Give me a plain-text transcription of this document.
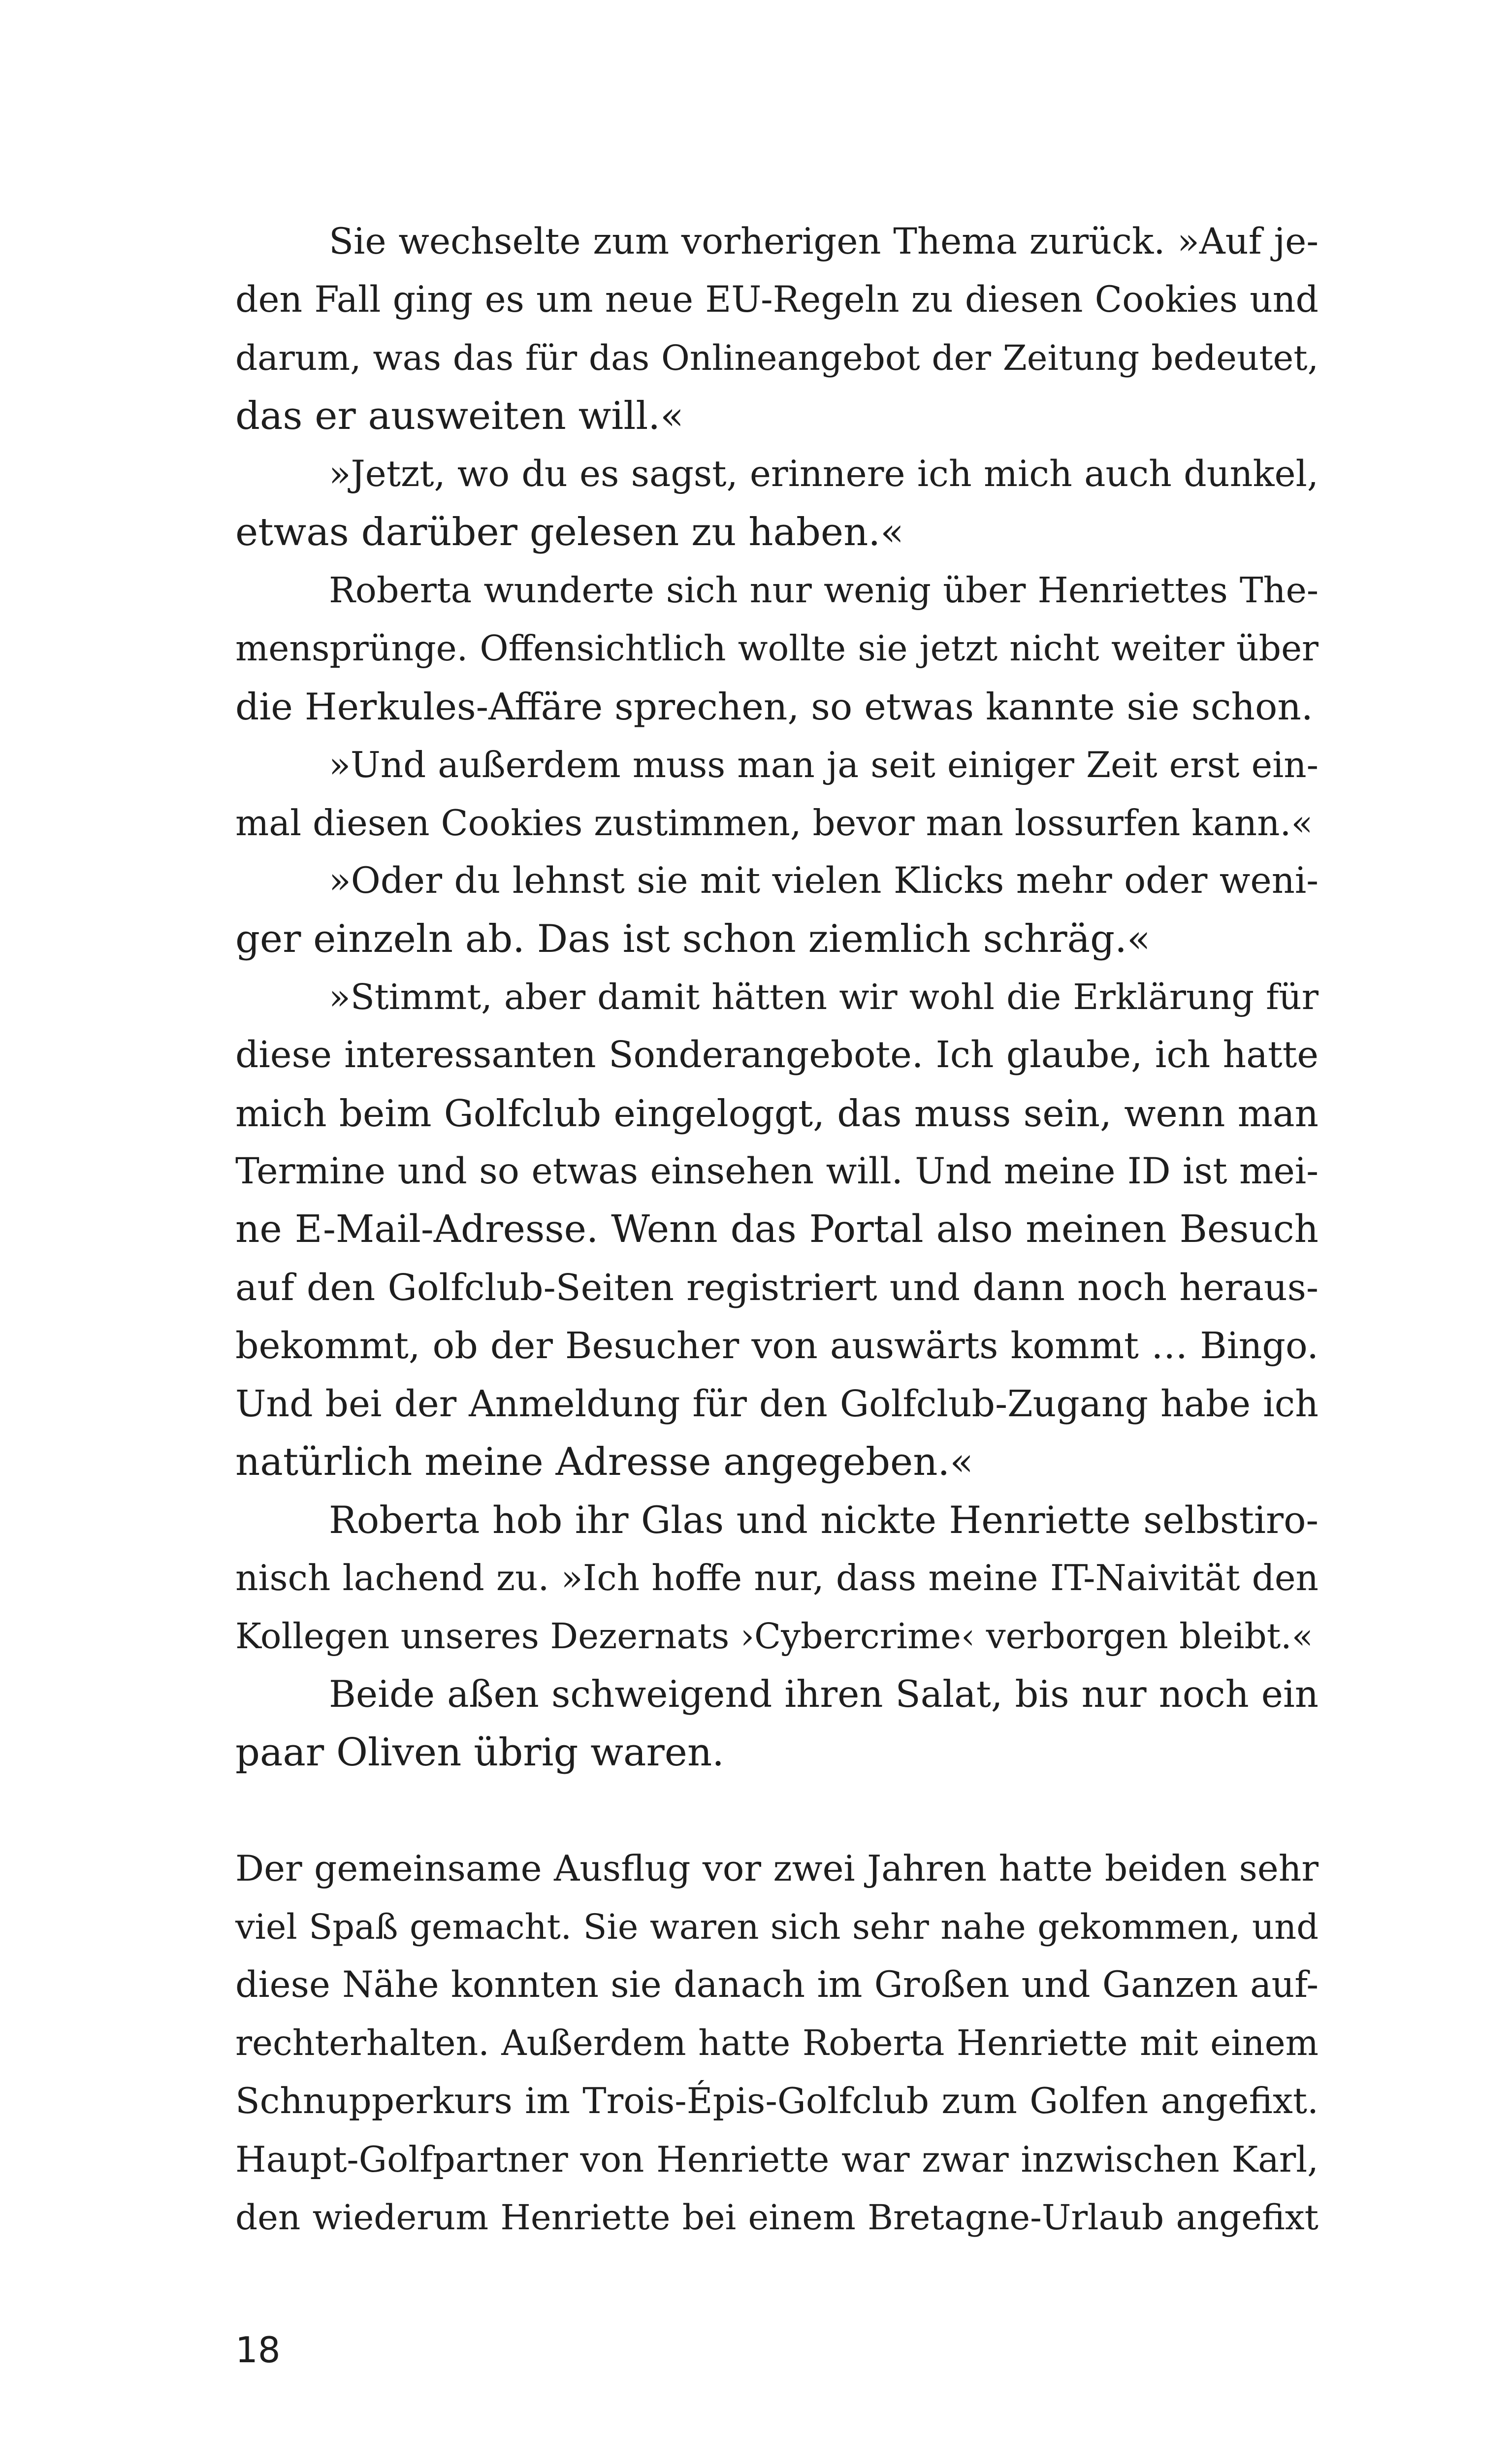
Sie wechselte zum vorherigen Thema zurück. »Auf je-
den Fall ging es um neue EU-Regeln zu diesen Cookies und
darum, was das für das Onlineangebot der Zeitung bedeutet,
das er ausweiten will.«
»Jetzt, wo du es sagst, erinnere ich mich auch dunkel,
etwas darüber gelesen zu haben.«
Roberta wunderte sich nur wenig über Henriettes The-
mensprünge. Offensichtlich wollte sie jetzt nicht weiter über
die Herkules-Affäre sprechen, so etwas kannte sie schon.
»Und außerdem muss man ja seit einiger Zeit erst ein-
mal diesen Cookies zustimmen, bevor man lossurfen kann.«
»Oder du lehnst sie mit vielen Klicks mehr oder weni-
ger einzeln ab. Das ist schon ziemlich schräg.«
»Stimmt, aber damit hätten wir wohl die Erklärung für
diese interessanten Sonderangebote. Ich glaube, ich hatte
mich beim Golfclub eingeloggt, das muss sein, wenn man
Termine und so etwas einsehen will. Und meine ID ist mei-
ne E-Mail-Adresse. Wenn das Portal also meinen Besuch
auf den Golfclub-Seiten registriert und dann noch heraus-
bekommt, ob der Besucher von auswärts kommt … Bingo.
Und bei der Anmeldung für den Golfclub-Zugang habe ich
natürlich meine Adresse angegeben.«
Roberta hob ihr Glas und nickte Henriette selbstiro-
nisch lachend zu. »Ich hoffe nur, dass meine IT-Naivität den
Kollegen unseres Dezernats ›Cybercrime‹ verborgen bleibt.«
Beide aßen schweigend ihren Salat, bis nur noch ein
paar Oliven übrig waren.
Der gemeinsame Ausflug vor zwei Jahren hatte beiden sehr
viel Spaß gemacht. Sie waren sich sehr nahe gekommen, und
diese Nähe konnten sie danach im Großen und Ganzen auf-
rechterhalten. Außerdem hatte Roberta Henriette mit einem
Schnupperkurs im Trois-Épis-Golfclub zum Golfen angefixt.
Haupt-Golfpartner von Henriette war zwar inzwischen Karl,
den wiederum Henriette bei einem Bretagne-Urlaub angefixt
18
